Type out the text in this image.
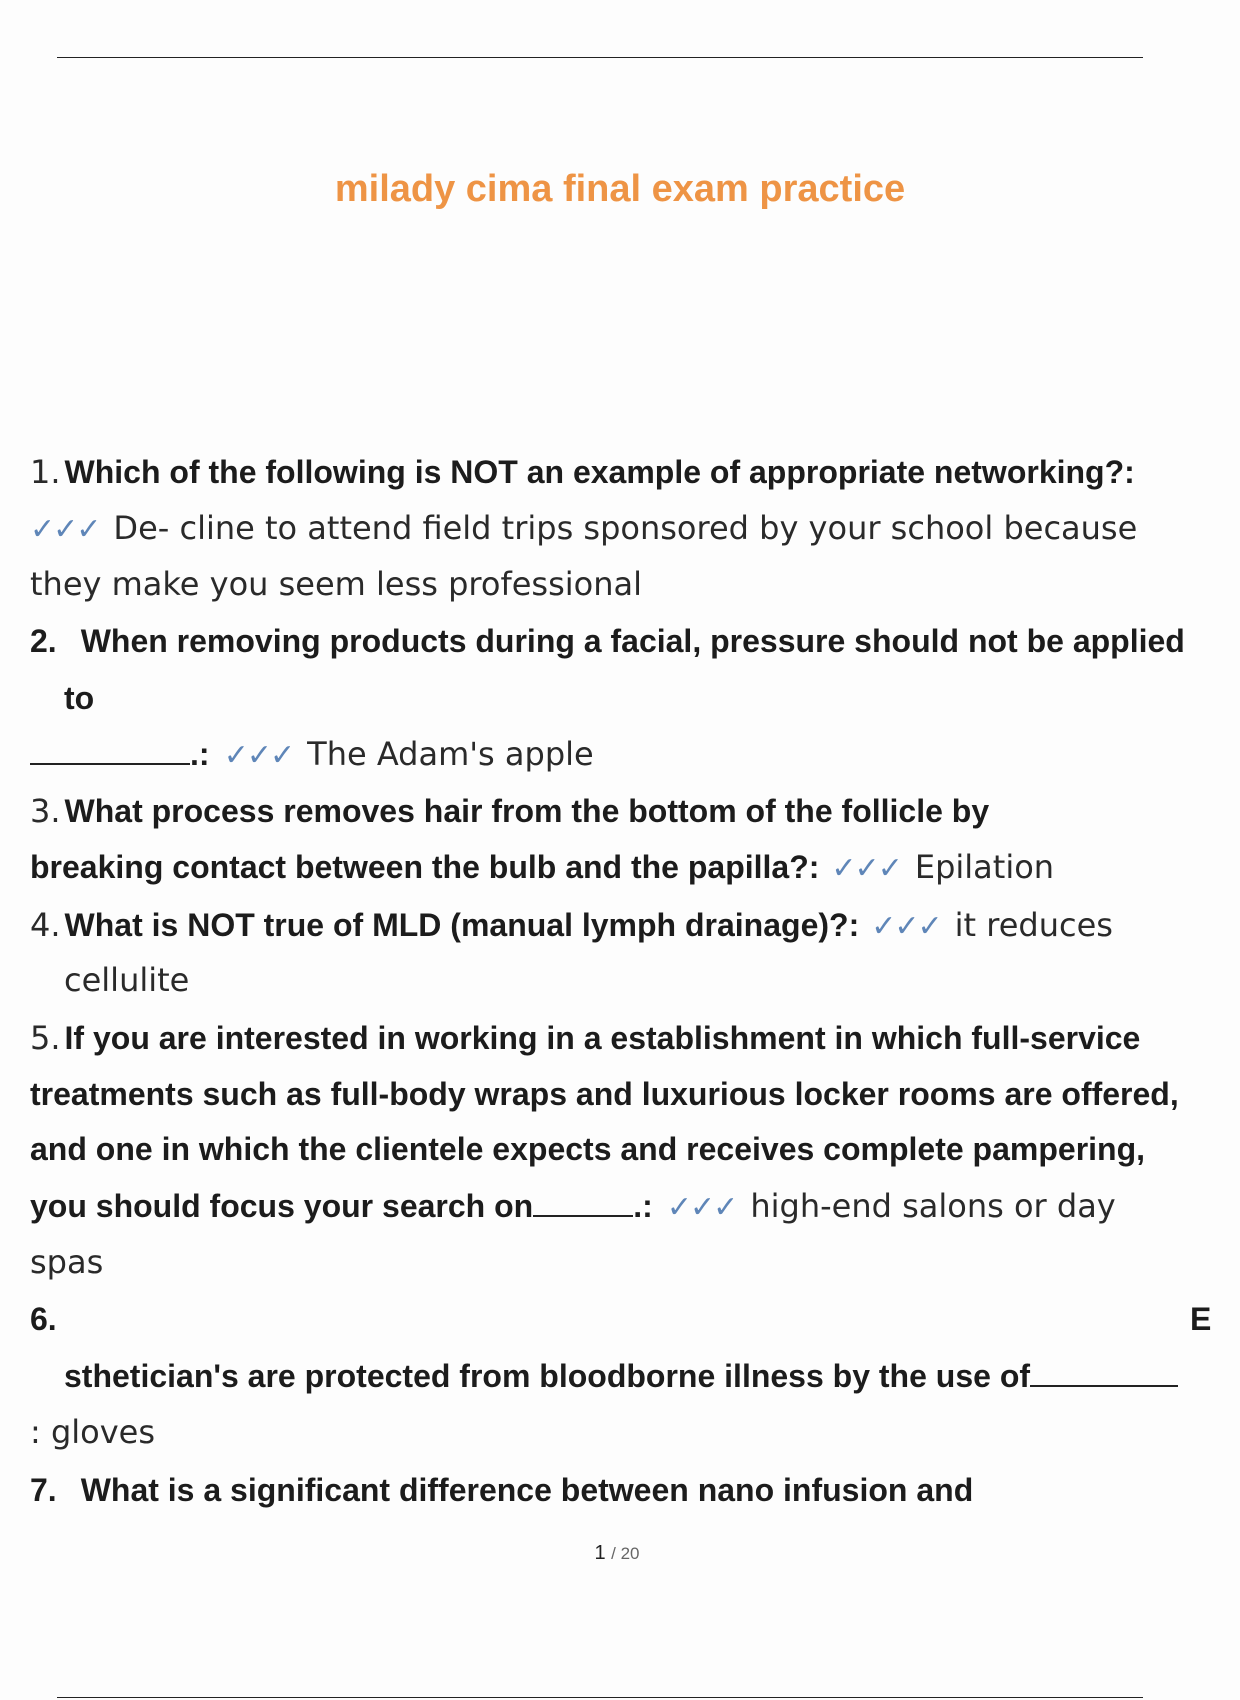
milady cima final exam practice
1. Which of the following is NOT an example of appropriate networking?:
✓✓✓ De- cline to attend field trips sponsored by your school because
they make you seem less professional
2. When removing products during a facial, pressure should not be applied
to
.: ✓✓✓ The Adam's apple
3. What process removes hair from the bottom of the follicle by
breaking contact between the bulb and the papilla?: ✓✓✓ Epilation
4. What is NOT true of MLD (manual lymph drainage)?: ✓✓✓ it reduces
cellulite
5. If you are interested in working in a establishment in which full-service
treatments such as full-body wraps and luxurious locker rooms are offered,
and one in which the clientele expects and receives complete pampering,
you should focus your search on	.: ✓✓✓ high-end salons or day
spas
6.	E
sthetician's are protected from bloodborne illness by the use of
: gloves
7. What is a significant difference between nano infusion and
1 / 20
